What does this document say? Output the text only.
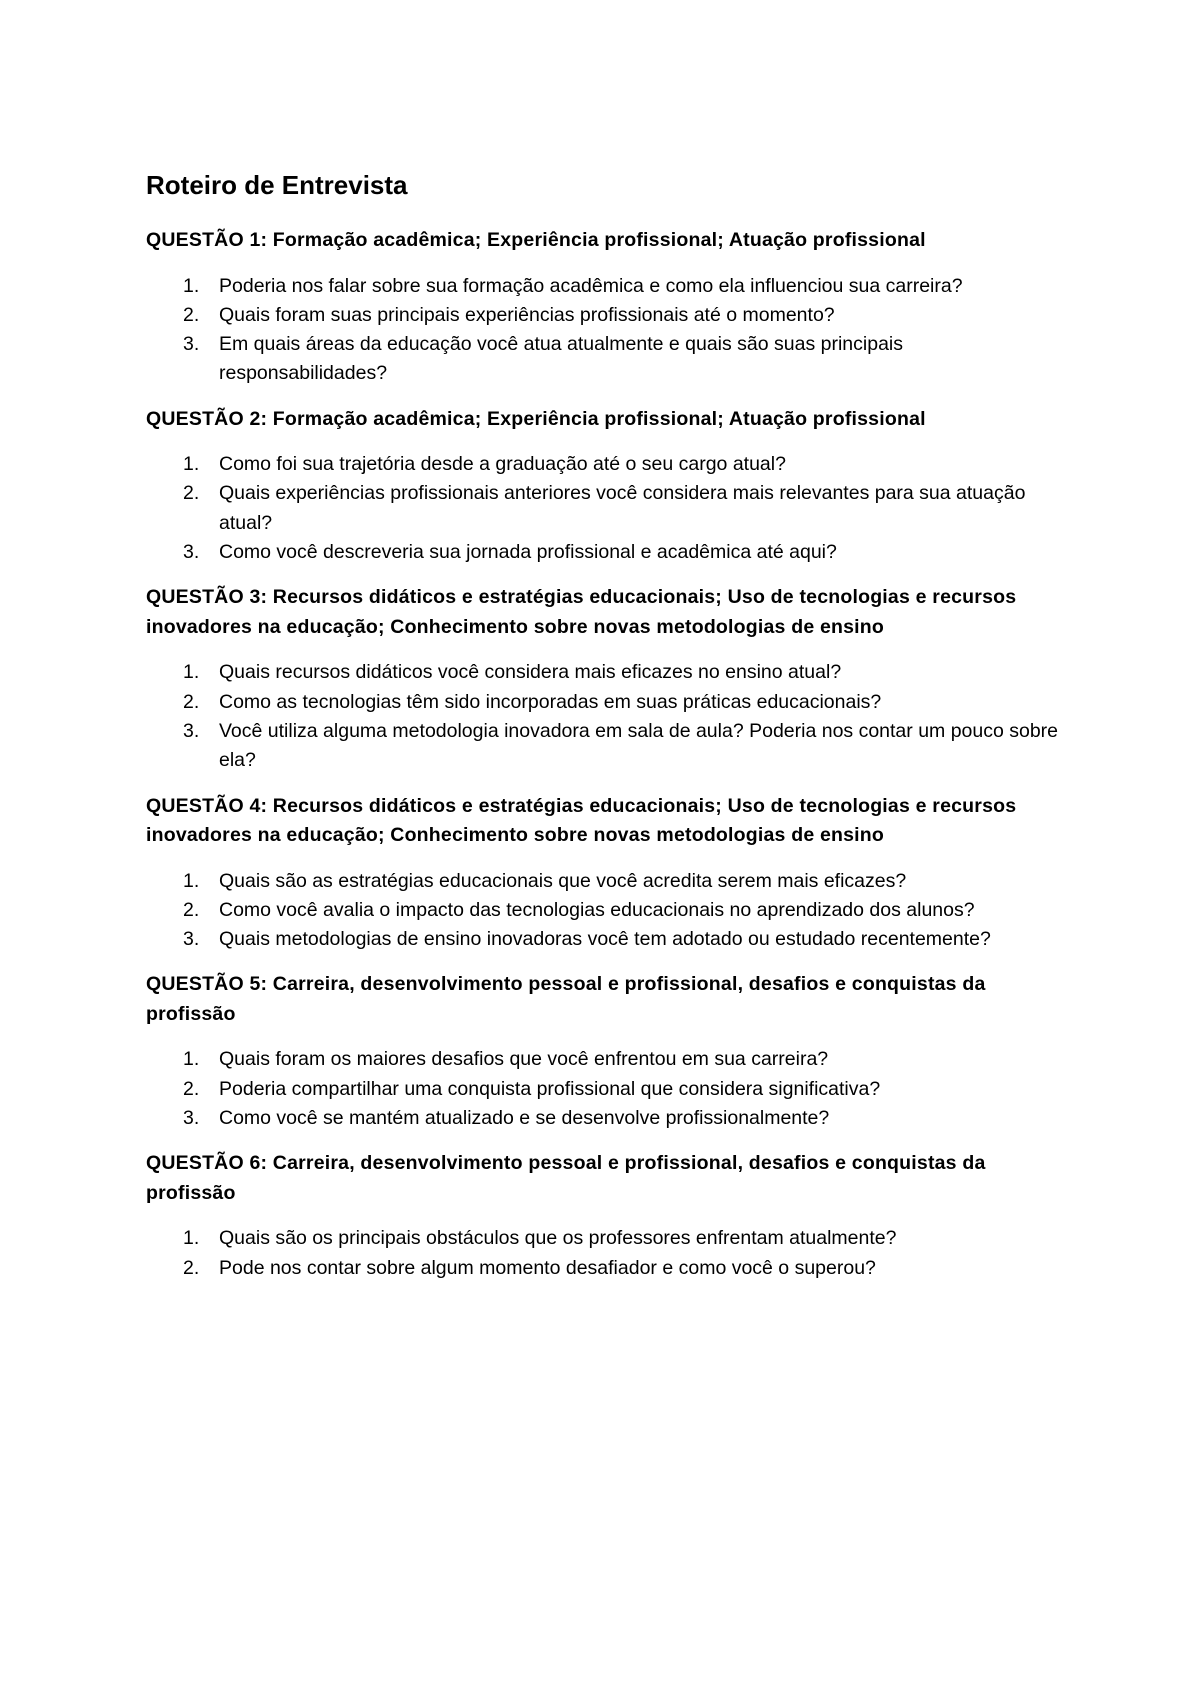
Roteiro de Entrevista
QUESTÃO 1: Formação acadêmica; Experiência profissional; Atuação profissional
1. Poderia nos falar sobre sua formação acadêmica e como ela influenciou sua carreira?
2. Quais foram suas principais experiências profissionais até o momento?
3. Em quais áreas da educação você atua atualmente e quais são suas principais responsabilidades?
QUESTÃO 2: Formação acadêmica; Experiência profissional; Atuação profissional
1. Como foi sua trajetória desde a graduação até o seu cargo atual?
2. Quais experiências profissionais anteriores você considera mais relevantes para sua atuação atual?
3. Como você descreveria sua jornada profissional e acadêmica até aqui?
QUESTÃO 3: Recursos didáticos e estratégias educacionais; Uso de tecnologias e recursos inovadores na educação; Conhecimento sobre novas metodologias de ensino
1. Quais recursos didáticos você considera mais eficazes no ensino atual?
2. Como as tecnologias têm sido incorporadas em suas práticas educacionais?
3. Você utiliza alguma metodologia inovadora em sala de aula? Poderia nos contar um pouco sobre ela?
QUESTÃO 4: Recursos didáticos e estratégias educacionais; Uso de tecnologias e recursos inovadores na educação; Conhecimento sobre novas metodologias de ensino
1. Quais são as estratégias educacionais que você acredita serem mais eficazes?
2. Como você avalia o impacto das tecnologias educacionais no aprendizado dos alunos?
3. Quais metodologias de ensino inovadoras você tem adotado ou estudado recentemente?
QUESTÃO 5: Carreira, desenvolvimento pessoal e profissional, desafios e conquistas da profissão
1. Quais foram os maiores desafios que você enfrentou em sua carreira?
2. Poderia compartilhar uma conquista profissional que considera significativa?
3. Como você se mantém atualizado e se desenvolve profissionalmente?
QUESTÃO 6: Carreira, desenvolvimento pessoal e profissional, desafios e conquistas da profissão
1. Quais são os principais obstáculos que os professores enfrentam atualmente?
2. Pode nos contar sobre algum momento desafiador e como você o superou?
